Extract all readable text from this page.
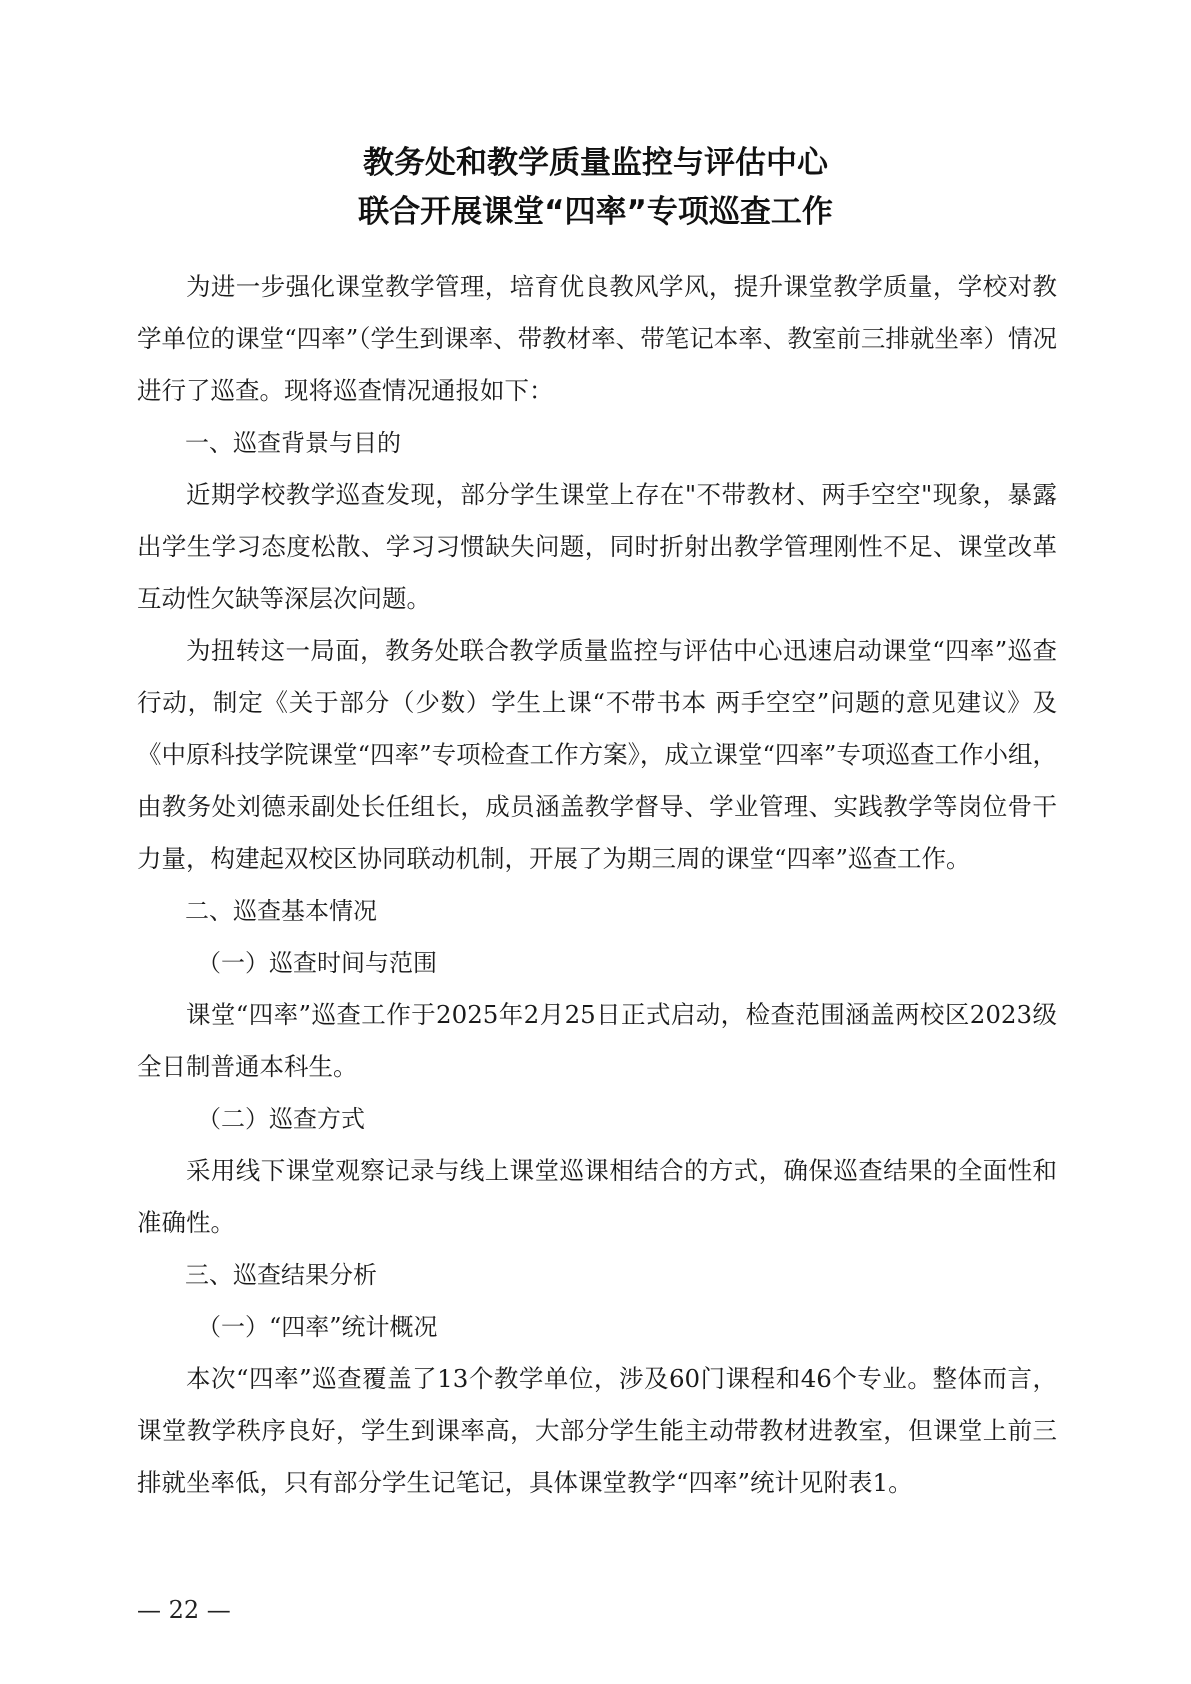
教务处和教学质量监控与评估中心
联合开展课堂“四率”专项巡查工作

为进一步强化课堂教学管理，培育优良教风学风，提升课堂教学质量，学校对教学单位的课堂“四率”（学生到课率、带教材率、带笔记本率、教室前三排就坐率）情况进行了巡查。现将巡查情况通报如下：

一、巡查背景与目的

近期学校教学巡查发现，部分学生课堂上存在"不带教材、两手空空"现象，暴露出学生学习态度松散、学习习惯缺失问题，同时折射出教学管理刚性不足、课堂改革互动性欠缺等深层次问题。

为扭转这一局面，教务处联合教学质量监控与评估中心迅速启动课堂“四率”巡查行动，制定《关于部分（少数）学生上课“不带书本 两手空空”问题的意见建议》及《中原科技学院课堂“四率”专项检查工作方案》，成立课堂“四率”专项巡查工作小组，由教务处刘德汞副处长任组长，成员涵盖教学督导、学业管理、实践教学等岗位骨干力量，构建起双校区协同联动机制，开展了为期三周的课堂“四率”巡查工作。

二、巡查基本情况

（一）巡查时间与范围

课堂“四率”巡查工作于2025年2月25日正式启动，检查范围涵盖两校区2023级全日制普通本科生。

（二）巡查方式

采用线下课堂观察记录与线上课堂巡课相结合的方式，确保巡查结果的全面性和准确性。

三、巡查结果分析

（一）“四率”统计概况

本次“四率”巡查覆盖了13个教学单位，涉及60门课程和46个专业。整体而言，课堂教学秩序良好，学生到课率高，大部分学生能主动带教材进教室，但课堂上前三排就坐率低，只有部分学生记笔记，具体课堂教学“四率”统计见附表1。

— 22 —
